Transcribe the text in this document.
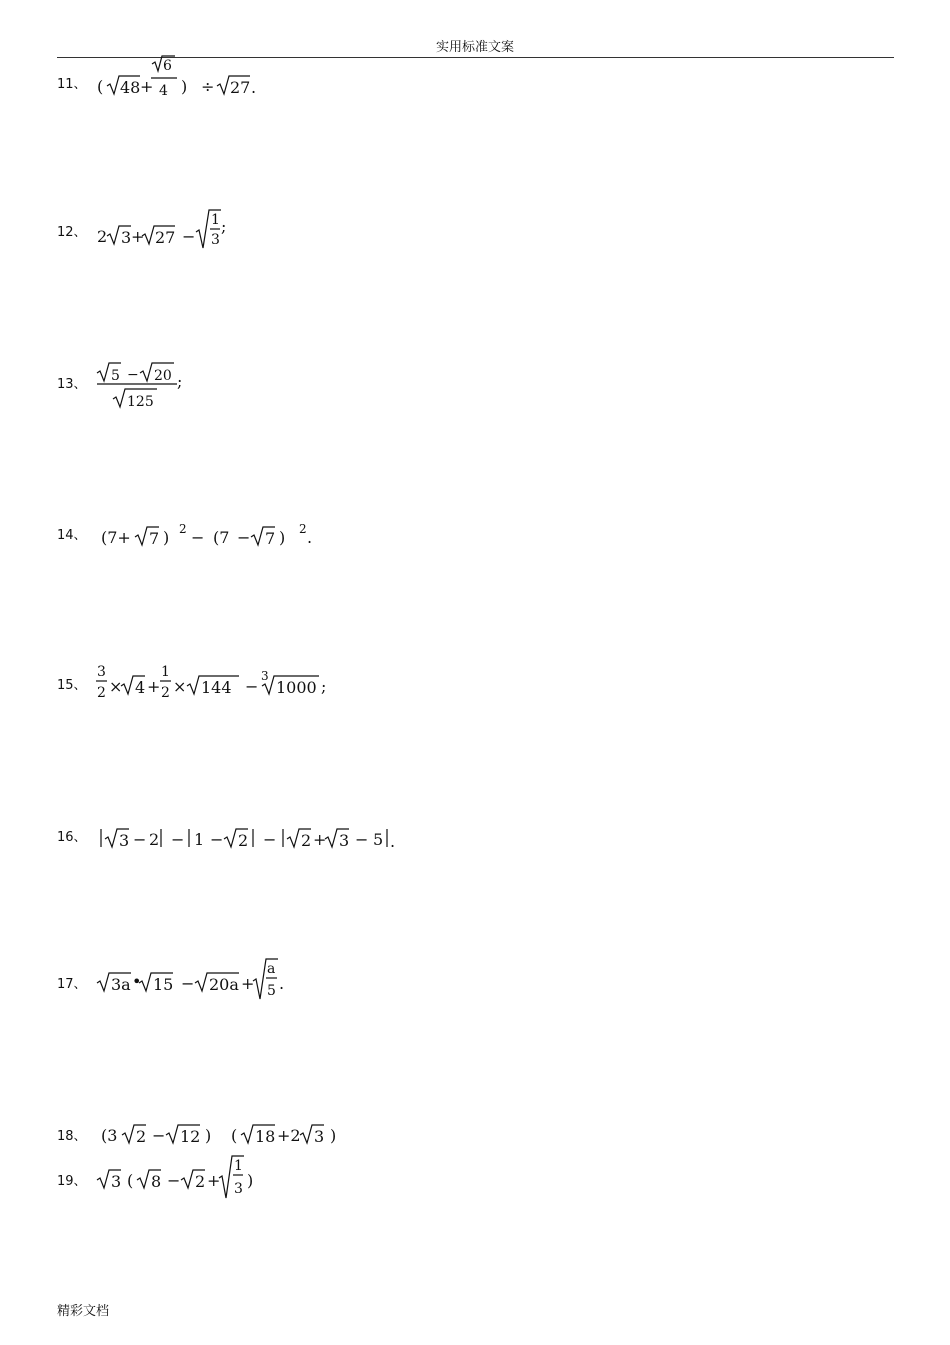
实用标准文案
11、 ( 48 +
6
4 ) ÷ 27 .
12、 2 3 + 27 −
1
3
;
13、	5 − 20
125
;
14、 (7+ 7 ) 2 − (7 − 7 ) 2 .
15、
3
2 × 4 +
1
2 × 144 −
3
1000 ;
16、 3 − 2 − 1 − 2 − 2 + 3 − 5 .
17、 3a • 15 − 20a +
a
5 .
18、 (3 2 − 12 ) ( 18 +2 3 )
19、 3 ( 8 − 2 +
1
3 )
精彩文档
